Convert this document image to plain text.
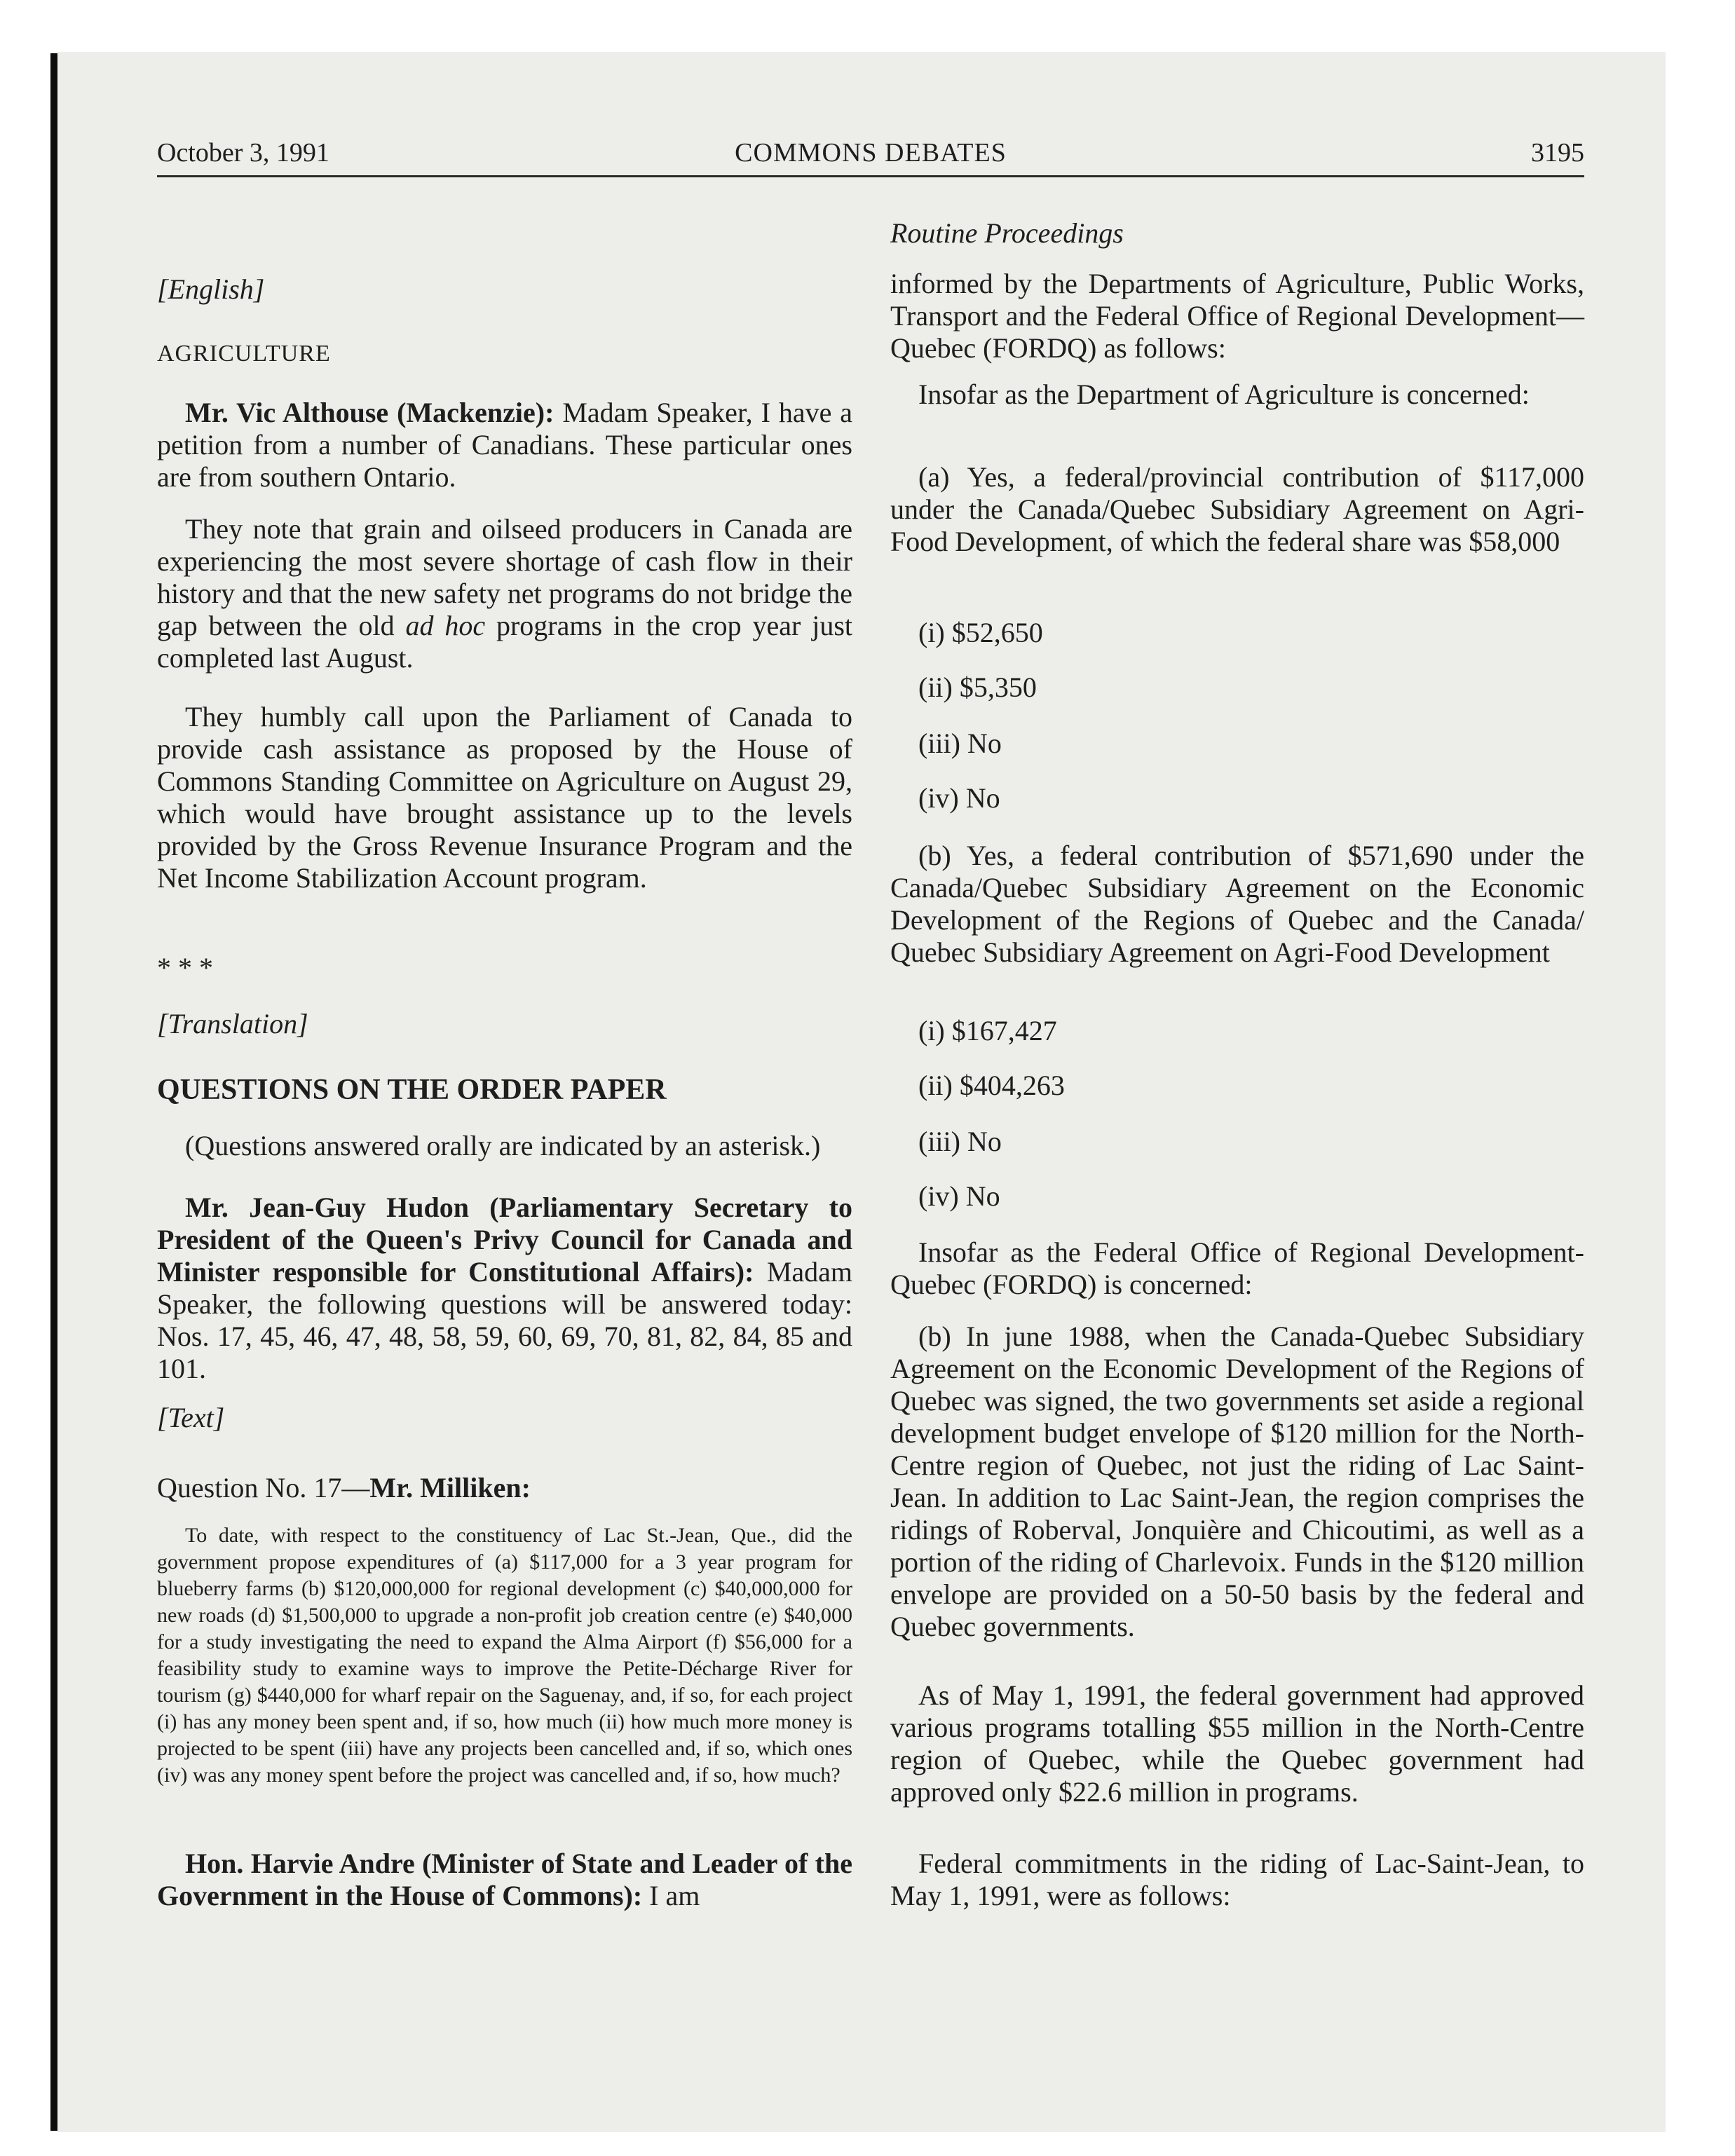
October 3, 1991	COMMONS DEBATES	3195

[English]

AGRICULTURE

Mr. Vic Althouse (Mackenzie): Madam Speaker, I have a petition from a number of Canadians. These particular ones are from southern Ontario.

They note that grain and oilseed producers in Canada are experiencing the most severe shortage of cash flow in their history and that the new safety net programs do not bridge the gap between the old ad hoc programs in the crop year just completed last August.

They humbly call upon the Parliament of Canada to provide cash assistance as proposed by the House of Commons Standing Committee on Agriculture on August 29, which would have brought assistance up to the levels provided by the Gross Revenue Insurance Program and the Net Income Stabilization Account program.

* * *

[Translation]

QUESTIONS ON THE ORDER PAPER

(Questions answered orally are indicated by an asterisk.)

Mr. Jean-Guy Hudon (Parliamentary Secretary to President of the Queen's Privy Council for Canada and Minister responsible for Constitutional Affairs): Madam Speaker, the following questions will be answered today: Nos. 17, 45, 46, 47, 48, 58, 59, 60, 69, 70, 81, 82, 84, 85 and 101.

[Text]

Question No. 17—Mr. Milliken:

To date, with respect to the constituency of Lac St.-Jean, Que., did the government propose expenditures of (a) $117,000 for a 3 year program for blueberry farms (b) $120,000,000 for regional development (c) $40,000,000 for new roads (d) $1,500,000 to upgrade a non-profit job creation centre (e) $40,000 for a study investigating the need to expand the Alma Airport (f) $56,000 for a feasibility study to examine ways to improve the Petite-Décharge River for tourism (g) $440,000 for wharf repair on the Saguenay, and, if so, for each project (i) has any money been spent and, if so, how much (ii) how much more money is projected to be spent (iii) have any projects been cancelled and, if so, which ones (iv) was any money spent before the project was cancelled and, if so, how much?

Hon. Harvie Andre (Minister of State and Leader of the Government in the House of Commons): I am

Routine Proceedings

informed by the Departments of Agriculture, Public Works, Transport and the Federal Office of Regional Development—Quebec (FORDQ) as follows:

Insofar as the Department of Agriculture is concerned:

(a) Yes, a federal/provincial contribution of $117,000 under the Canada/Quebec Subsidiary Agreement on Agri-Food Development, of which the federal share was $58,000

(i) $52,650

(ii) $5,350

(iii) No

(iv) No

(b) Yes, a federal contribution of $571,690 under the Canada/Quebec Subsidiary Agreement on the Economic Development of the Regions of Quebec and the Canada/ Quebec Subsidiary Agreement on Agri-Food Development

(i) $167,427

(ii) $404,263

(iii) No

(iv) No

Insofar as the Federal Office of Regional Development-Quebec (FORDQ) is concerned:

(b) In june 1988, when the Canada-Quebec Subsidiary Agreement on the Economic Development of the Regions of Quebec was signed, the two governments set aside a regional development budget envelope of $120 million for the North-Centre region of Quebec, not just the riding of Lac Saint-Jean. In addition to Lac Saint-Jean, the region comprises the ridings of Roberval, Jonquière and Chicoutimi, as well as a portion of the riding of Charlevoix. Funds in the $120 million envelope are provided on a 50-50 basis by the federal and Quebec governments.

As of May 1, 1991, the federal government had approved various programs totalling $55 million in the North-Centre region of Quebec, while the Quebec government had approved only $22.6 million in programs.

Federal commitments in the riding of Lac-Saint-Jean, to May 1, 1991, were as follows:
